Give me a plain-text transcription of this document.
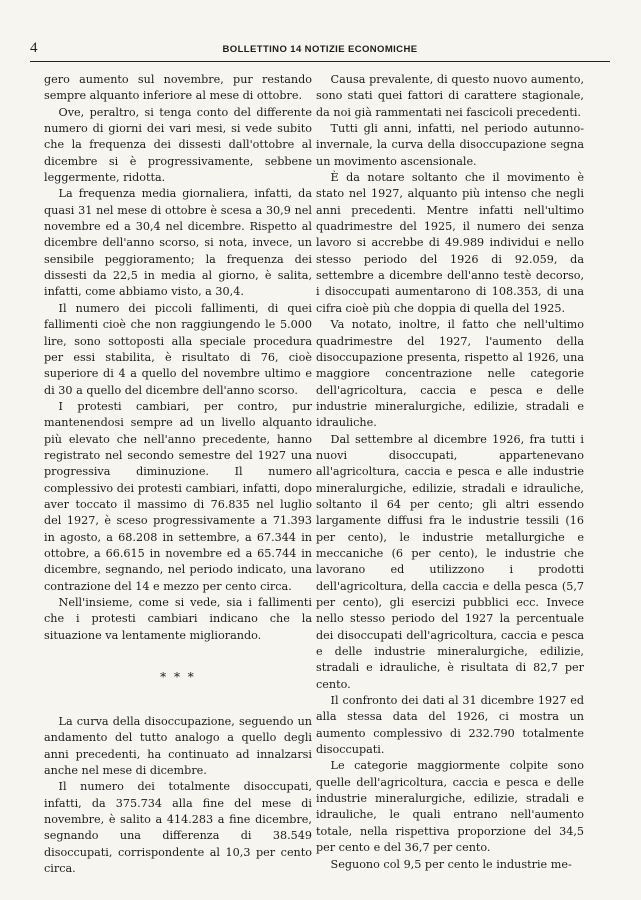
4	BOLLETTINO 14 NOTIZIE ECONOMICHE

gero aumento sul novembre, pur restando sempre alquanto inferiore al mese di ottobre.

Ove, peraltro, si tenga conto del differente numero di giorni dei vari mesi, si vede subito che la frequenza dei dissesti dall'ottobre al dicembre si è progressivamente, sebbene leggermente, ridotta.

La frequenza media giornaliera, infatti, da quasi 31 nel mese di ottobre è scesa a 30,9 nel novembre ed a 30,4 nel dicembre. Rispetto al dicembre dell'anno scorso, si nota, invece, un sensibile peggioramento; la frequenza dei dissesti da 22,5 in media al giorno, è salita, infatti, come abbiamo visto, a 30,4.

Il numero dei piccoli fallimenti, di quei fallimenti cioè che non raggiungendo le 5.000 lire, sono sottoposti alla speciale procedura per essi stabilita, è risultato di 76, cioè superiore di 4 a quello del novembre ultimo e di 30 a quello del dicembre dell'anno scorso.

I protesti cambiari, per contro, pur mantenendosi sempre ad un livello alquanto più elevato che nell'anno precedente, hanno registrato nel secondo semestre del 1927 una progressiva diminuzione. Il numero complessivo dei protesti cambiari, infatti, dopo aver toccato il massimo di 76.835 nel luglio del 1927, è sceso progressivamente a 71.393 in agosto, a 68.208 in settembre, a 67.344 in ottobre, a 66.615 in novembre ed a 65.744 in dicembre, segnando, nel periodo indicato, una contrazione del 14 e mezzo per cento circa.

Nell'insieme, come si vede, sia i fallimenti che i protesti cambiari indicano che la situazione va lentamente migliorando.

* * *

La curva della disoccupazione, seguendo un andamento del tutto analogo a quello degli anni precedenti, ha continuato ad innalzarsi anche nel mese di dicembre.

Il numero dei totalmente disoccupati, infatti, da 375.734 alla fine del mese di novembre, è salito a 414.283 a fine dicembre, segnando una differenza di 38.549 disoccupati, corrispondente al 10,3 per cento circa.

Causa prevalente, di questo nuovo aumento, sono stati quei fattori di carattere stagionale, da noi già rammentati nei fascicoli precedenti.

Tutti gli anni, infatti, nel periodo autunno-invernale, la curva della disoccupazione segna un movimento ascensionale.

È da notare soltanto che il movimento è stato nel 1927, alquanto più intenso che negli anni precedenti. Mentre infatti nell'ultimo quadrimestre del 1925, il numero dei senza lavoro si accrebbe di 49.989 individui e nello stesso periodo del 1926 di 92.059, da settembre a dicembre dell'anno testè decorso, i disoccupati aumentarono di 108.353, di una cifra cioè più che doppia di quella del 1925.

Va notato, inoltre, il fatto che nell'ultimo quadrimestre del 1927, l'aumento della disoccupazione presenta, rispetto al 1926, una maggiore concentrazione nelle categorie dell'agricoltura, caccia e pesca e delle industrie mineralurgiche, edilizie, stradali e idrauliche.

Dal settembre al dicembre 1926, fra tutti i nuovi disoccupati, appartenevano all'agricoltura, caccia e pesca e alle industrie mineralurgiche, edilizie, stradali e idrauliche, soltanto il 64 per cento; gli altri essendo largamente diffusi fra le industrie tessili (16 per cento), le industrie metallurgiche e meccaniche (6 per cento), le industrie che lavorano ed utilizzono i prodotti dell'agricoltura, della caccia e della pesca (5,7 per cento), gli esercizi pubblici ecc. Invece nello stesso periodo del 1927 la percentuale dei disoccupati dell'agricoltura, caccia e pesca e delle industrie mineralurgiche, edilizie, stradali e idrauliche, è risultata di 82,7 per cento.

Il confronto dei dati al 31 dicembre 1927 ed alla stessa data del 1926, ci mostra un aumento complessivo di 232.790 totalmente disoccupati.

Le categorie maggiormente colpite sono quelle dell'agricoltura, caccia e pesca e delle industrie mineralurgiche, edilizie, stradali e idrauliche, le quali entrano nell'aumento totale, nella rispettiva proporzione del 34,5 per cento e del 36,7 per cento.

Seguono col 9,5 per cento le industrie me-
